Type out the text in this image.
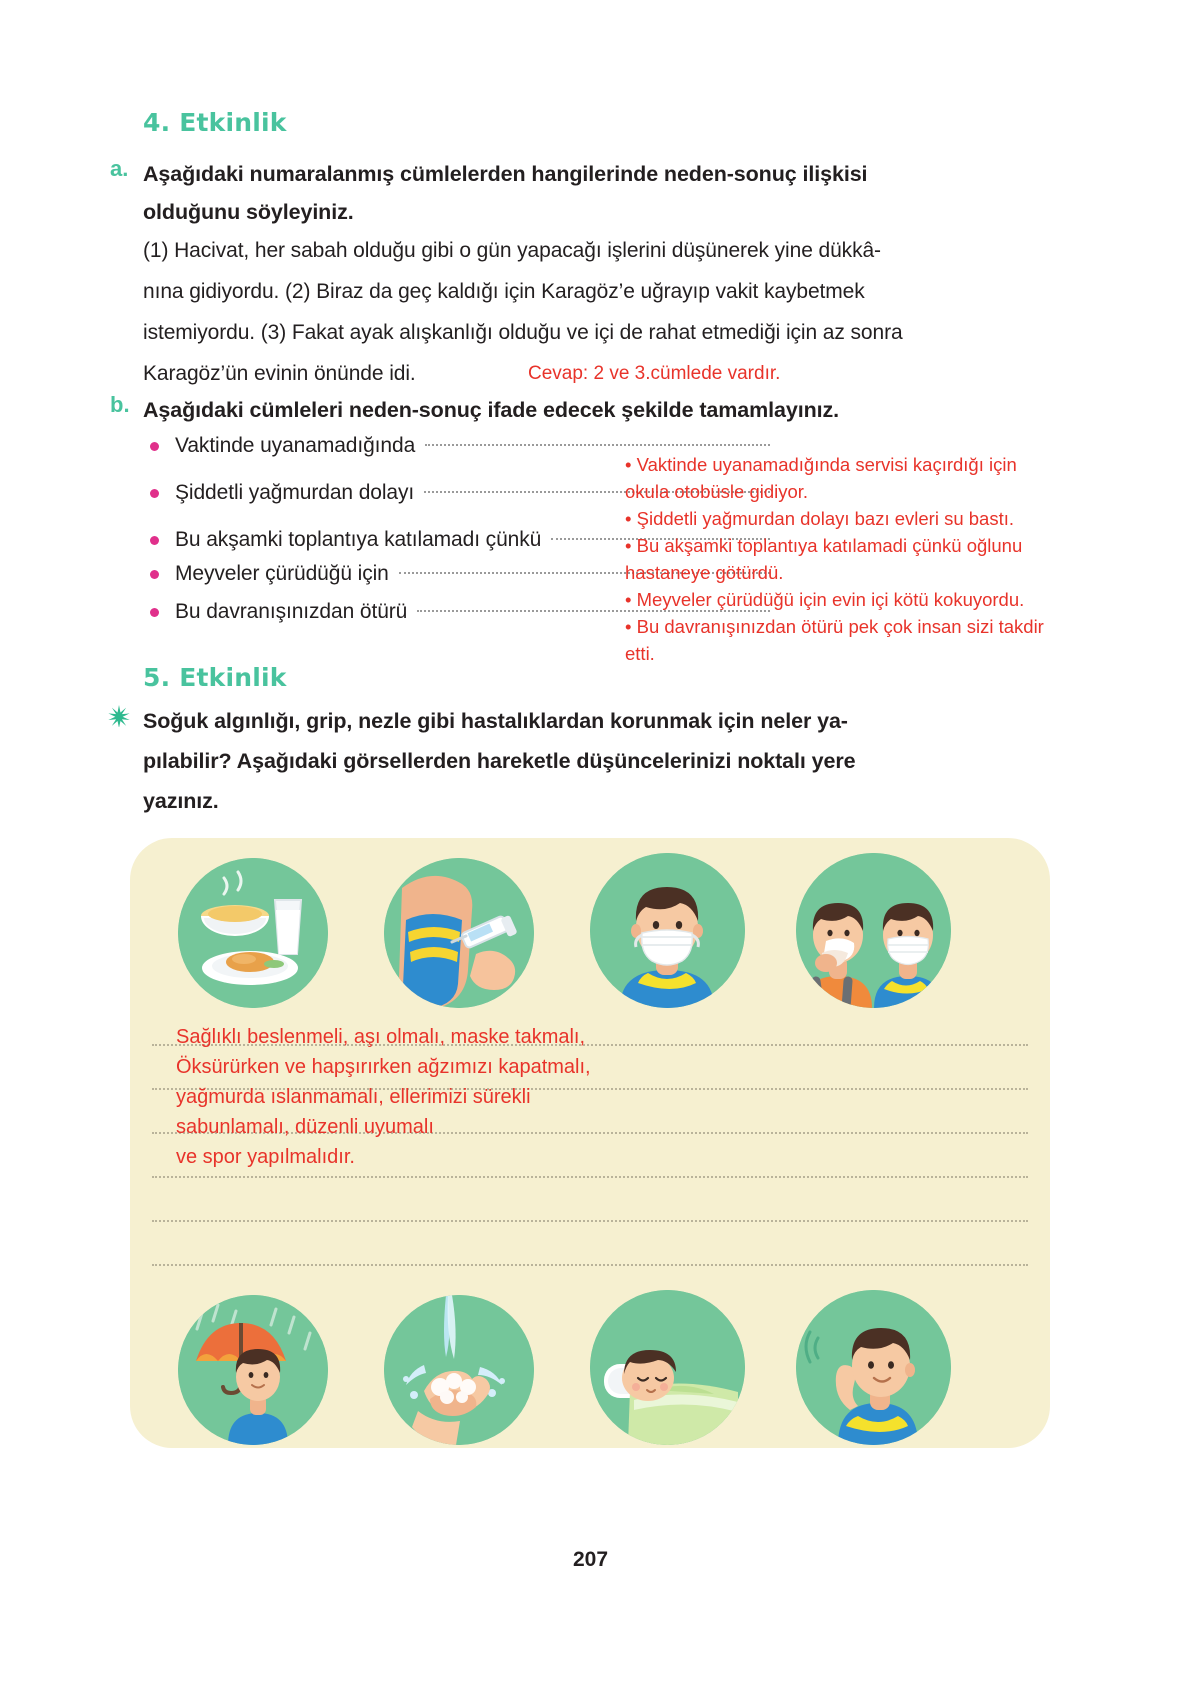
4. Etkinlik
a. Aşağıdaki numaralanmış cümlelerden hangilerinde neden-sonuç ilişkisi
olduğunu söyleyiniz.
(1) Hacivat, her sabah olduğu gibi o gün yapacağı işlerini düşünerek yine dükkâ-
nına gidiyordu. (2) Biraz da geç kaldığı için Karagöz’e uğrayıp vakit kaybetmek
istemiyordu. (3) Fakat ayak alışkanlığı olduğu ve içi de rahat etmediği için az sonra
Karagöz’ün evinin önünde idi.	Cevap: 2 ve 3.cümlede vardır.
b. Aşağıdaki cümleleri neden-sonuç ifade edecek şekilde tamamlayınız.
Vaktinde uyanamadığında
Şiddetli yağmurdan dolayı
Bu akşamki toplantıya katılamadı çünkü
Meyveler çürüdüğü için
Bu davranışınızdan ötürü
• Vaktinde uyanamadığında servisi kaçırdığı için
okula otobüsle gidiyor.
• Şiddetli yağmurdan dolayı bazı evleri su bastı.
• Bu akşamki toplantıya katılamadi çünkü oğlunu
hastaneye götürdü.
• Meyveler çürüdüğü için evin içi kötü kokuyordu.
• Bu davranışınızdan ötürü pek çok insan sizi takdir
etti.
5. Etkinlik
Soğuk algınlığı, grip, nezle gibi hastalıklardan korunmak için neler ya-
pılabilir? Aşağıdaki görsellerden hareketle düşüncelerinizi noktalı yere
yazınız.
Sağlıklı beslenmeli, aşı olmalı, maske takmalı,
Öksürürken ve hapşırırken ağzımızı kapatmalı,
yağmurda ıslanmamalı, ellerimizi sürekli
sabunlamalı, düzenli uyumalı
ve spor yapılmalıdır.
207
